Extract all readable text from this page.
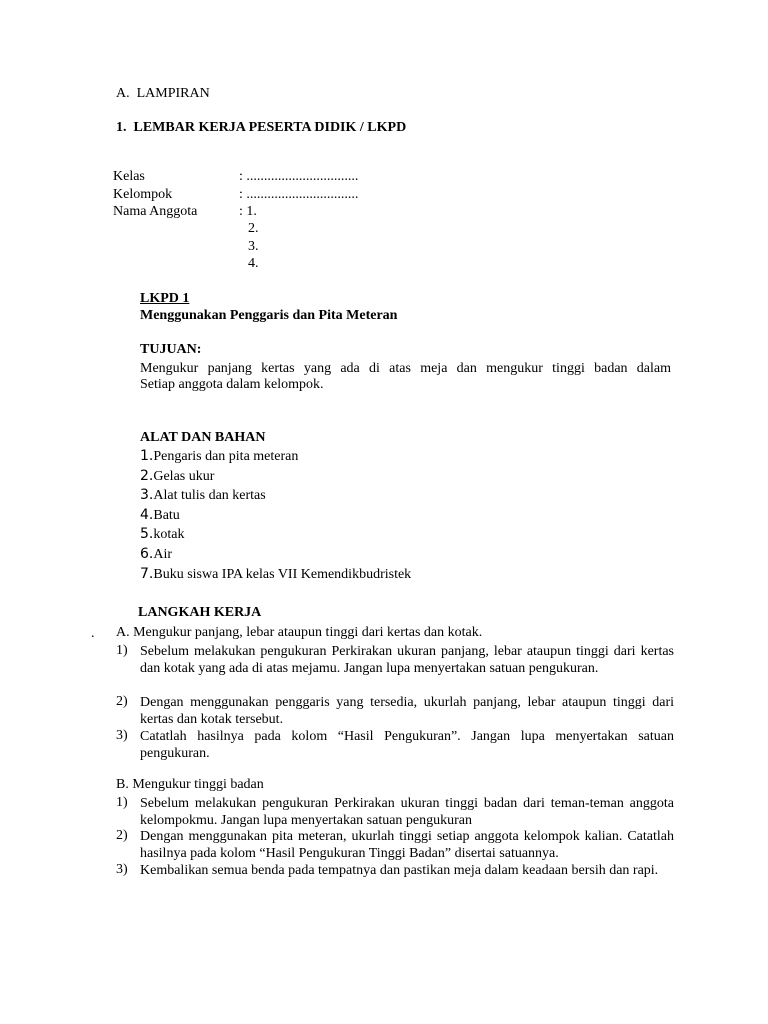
A. LAMPIRAN
1. LEMBAR KERJA PESERTA DIDIK / LKPD
Kelas	: ................................
Kelompok	: ................................
Nama Anggota	: 1.
2.
3.
4.
LKPD 1
Menggunakan Penggaris dan Pita Meteran
TUJUAN:
Mengukur panjang kertas yang ada di atas meja dan mengukur tinggi badan dalam
Setiap anggota dalam kelompok.
ALAT DAN BAHAN
1.Pengaris dan pita meteran
2.Gelas ukur
3.Alat tulis dan kertas
4.Batu
5.kotak
6.Air
7.Buku siswa IPA kelas VII Kemendikbudristek
LANGKAH KERJA
. A. Mengukur panjang, lebar ataupun tinggi dari kertas dan kotak.
1) Sebelum melakukan pengukuran Perkirakan ukuran panjang, lebar ataupun tinggi dari kertas dan kotak yang ada di atas mejamu. Jangan lupa menyertakan satuan pengukuran.
2) Dengan menggunakan penggaris yang tersedia, ukurlah panjang, lebar ataupun tinggi dari kertas dan kotak tersebut.
3) Catatlah hasilnya pada kolom “Hasil Pengukuran”. Jangan lupa menyertakan satuan pengukuran.
B. Mengukur tinggi badan
1) Sebelum melakukan pengukuran Perkirakan ukuran tinggi badan dari teman-teman anggota kelompokmu. Jangan lupa menyertakan satuan pengukuran
2) Dengan menggunakan pita meteran, ukurlah tinggi setiap anggota kelompok kalian. Catatlah hasilnya pada kolom “Hasil Pengukuran Tinggi Badan” disertai satuannya.
3) Kembalikan semua benda pada tempatnya dan pastikan meja dalam keadaan bersih dan rapi.
